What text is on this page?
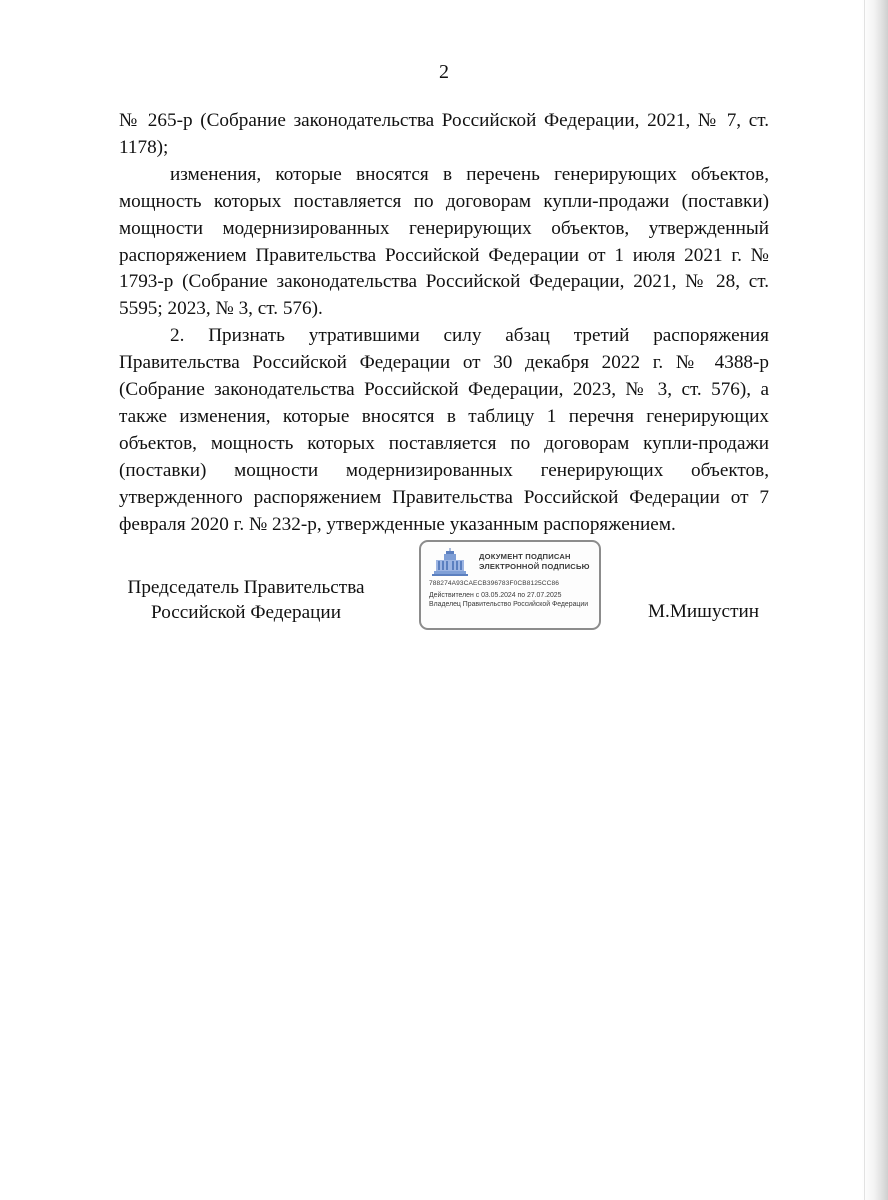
2

№ 265-р (Собрание законодательства Российской Федерации, 2021, № 7, ст. 1178);

изменения, которые вносятся в перечень генерирующих объектов, мощность которых поставляется по договорам купли-продажи (поставки) мощности модернизированных генерирующих объектов, утвержденный распоряжением Правительства Российской Федерации от 1 июля 2021 г. № 1793-р (Собрание законодательства Российской Федерации, 2021, № 28, ст. 5595; 2023, № 3, ст. 576).

2. Признать утратившими силу абзац третий распоряжения Правительства Российской Федерации от 30 декабря 2022 г. № 4388-р (Собрание законодательства Российской Федерации, 2023, № 3, ст. 576), а также изменения, которые вносятся в таблицу 1 перечня генерирующих объектов, мощность которых поставляется по договорам купли-продажи (поставки) мощности модернизированных генерирующих объектов, утвержденного распоряжением Правительства Российской Федерации от 7 февраля 2020 г. № 232-р, утвержденные указанным распоряжением.

Председатель Правительства
Российской Федерации
ДОКУМЕНТ ПОДПИСАН
ЭЛЕКТРОННОЙ ПОДПИСЬЮ
788274A93CAECB396783F0CB8125CC86
Действителен с 03.05.2024 по 27.07.2025
Владелец Правительство Российской Федерации	М.Мишустин
